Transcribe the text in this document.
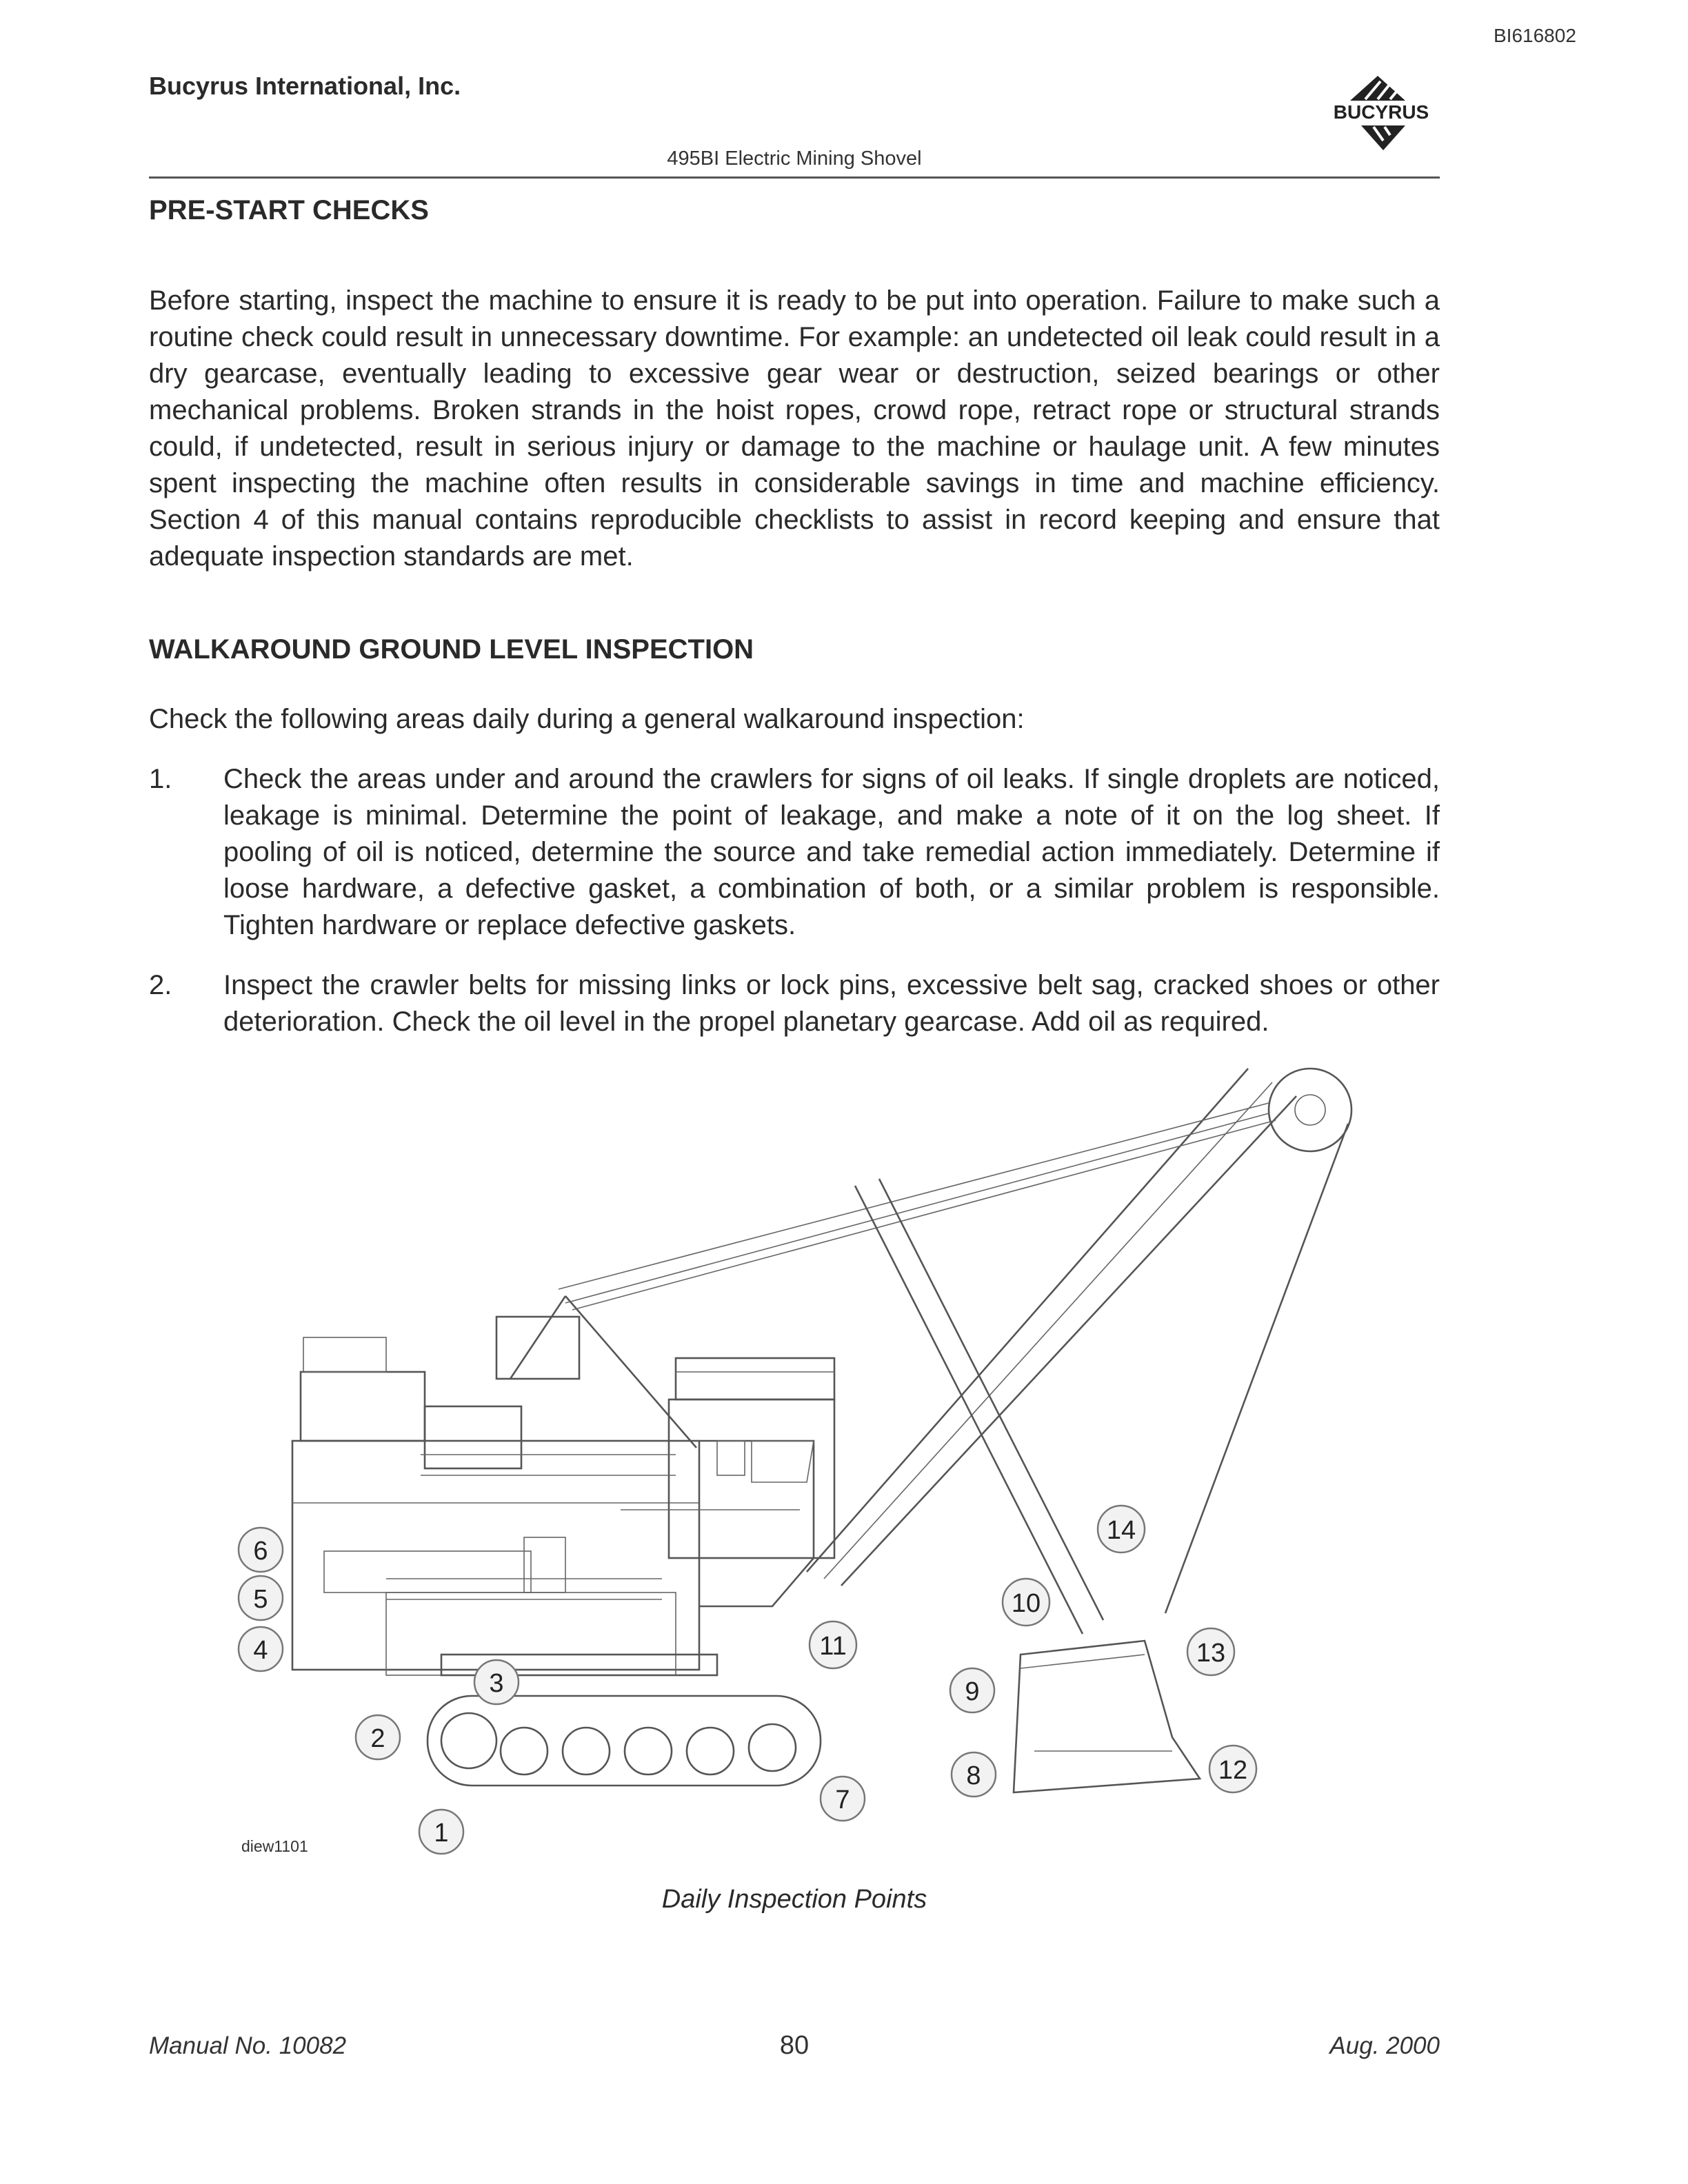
BI616802
Bucyrus International, Inc.
BUCYRUS
495BI Electric Mining Shovel
PRE-START CHECKS
Before starting, inspect the machine to ensure it is ready to be put into operation. Failure to make such a routine check could result in unnecessary downtime. For example: an undetected oil leak could result in a dry gearcase, eventually leading to excessive gear wear or destruction, seized bearings or other mechanical problems. Broken strands in the hoist ropes, crowd rope, retract rope or structural strands could, if undetected, result in serious injury or damage to the machine or haulage unit. A few minutes spent inspecting the machine often results in considerable savings in time and machine efficiency. Section 4 of this manual contains reproducible checklists to assist in record keeping and ensure that adequate inspection standards are met.
WALKAROUND GROUND LEVEL INSPECTION
Check the following areas daily during a general walkaround inspection:
1. Check the areas under and around the crawlers for signs of oil leaks. If single droplets are noticed, leakage is minimal. Determine the point of leakage, and make a note of it on the log sheet. If pooling of oil is noticed, determine the source and take remedial action immediately. Determine if loose hardware, a defective gasket, a combination of both, or a similar problem is responsible. Tighten hardware or replace defective gaskets.
2. Inspect the crawler belts for missing links or lock pins, excessive belt sag, cracked shoes or other deterioration. Check the oil level in the propel planetary gearcase. Add oil as required.
1
2
3
4
5
6
7
8
9
10
11
12
13
14
diew1101
Daily Inspection Points
Manual No. 10082	80	Aug. 2000
